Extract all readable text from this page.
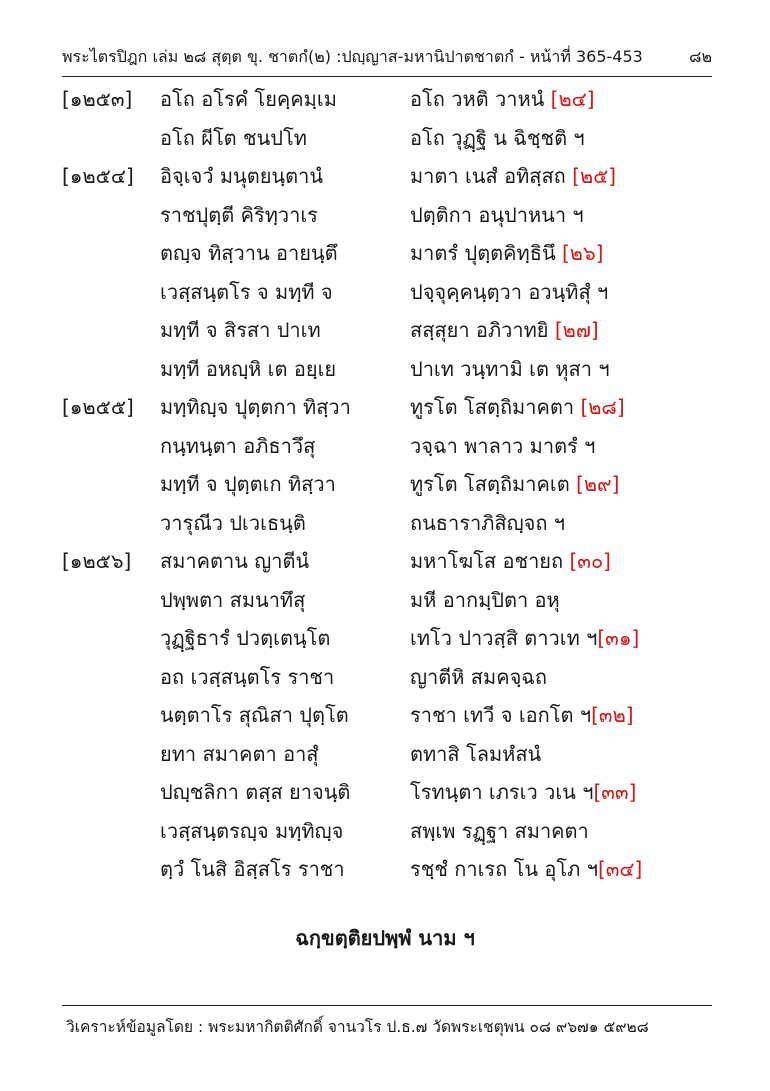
พระไตรปิฎก เล่ม ๒๘ สุตฺต ขุ. ชาตกํ(๒) :ปญฺญาส-มหานิปาตชาตกํ - หน้าที่ 365-453	๘๒
[๑๒๕๓] อโถ อโรคํ โยคฺคมฺเม	อโถ วหติ วาหนํ [๒๔]
อโถ ผีโต ชนปโท	อโถ วุฏฺฐิ น ฉิชฺชติ ฯ
[๑๒๕๔] อิจฺเจวํ มนุตยนฺตานํ	มาตา เนสํ อทิสฺสถ [๒๕]
ราชปุตฺตี คิริทฺวาเร	ปตฺติกา อนุปาหนา ฯ
ตญฺจ ทิสฺวาน อายนฺตึ	มาตรํ ปุตฺตคิทฺธินึ [๒๖]
เวสฺสนฺตโร จ มทฺที จ	ปจฺจุคฺคนฺตฺวา อวนฺทิสุํ ฯ
มทฺที จ สิรสา ปาเท	สสฺสุยา อภิวาทยิ [๒๗]
มทฺที อหญฺหิ เต อยฺเย	ปาเท วนฺทามิ เต หุสา ฯ
[๑๒๕๕] มทฺทิญฺจ ปุตฺตกา ทิสฺวา	ทูรโต โสตฺถิมาคตา [๒๘]
กนฺทนฺตา อภิธาวึสุ	วจฺฉา พาลาว มาตรํ ฯ
มทฺที จ ปุตฺตเก ทิสฺวา	ทูรโต โสตฺถิมาคเต [๒๙]
วารุณีว ปเวเธนฺติ	ถนธาราภิสิญฺจถ ฯ
[๑๒๕๖] สมาคตาน ญาตีนํ	มหาโฆโส อชายถ [๓๐]
ปพฺพตา สมนาทึสุ	มหี อากมฺปิตา อหุ
วุฏฺฐิธารํ ปวตฺเตนฺโต	เทโว ปาวสฺสิ ตาวเท ฯ[๓๑]
อถ เวสฺสนฺตโร ราชา	ญาตีหิ สมคจฺฉถ
นตฺตาโร สุณิสา ปุตฺโต	ราชา เทวี จ เอกโต ฯ[๓๒]
ยทา สมาคตา อาสุํ	ตทาสิ โลมหํสนํ
ปญฺชลิกา ตสฺส ยาจนฺติ	โรทนฺตา เภรเว วเน ฯ[๓๓]
เวสฺสนฺตรญฺจ มทฺทิญฺจ	สพฺเพ รฏฺฐา สมาคตา
ตฺวํ โนสิ อิสฺสโร ราชา	รชฺชํ กาเรถ โน อุโภ ฯ[๓๔]
ฉกฺขตฺติยปพฺพํ นาม ฯ
วิเคราะห์ข้อมูลโดย : พระมหากิตติศักดิ์ จานวโร ป.ธ.๗ วัดพระเชตุพน ๐๘ ๙๖๗๑ ๕๙๒๘
